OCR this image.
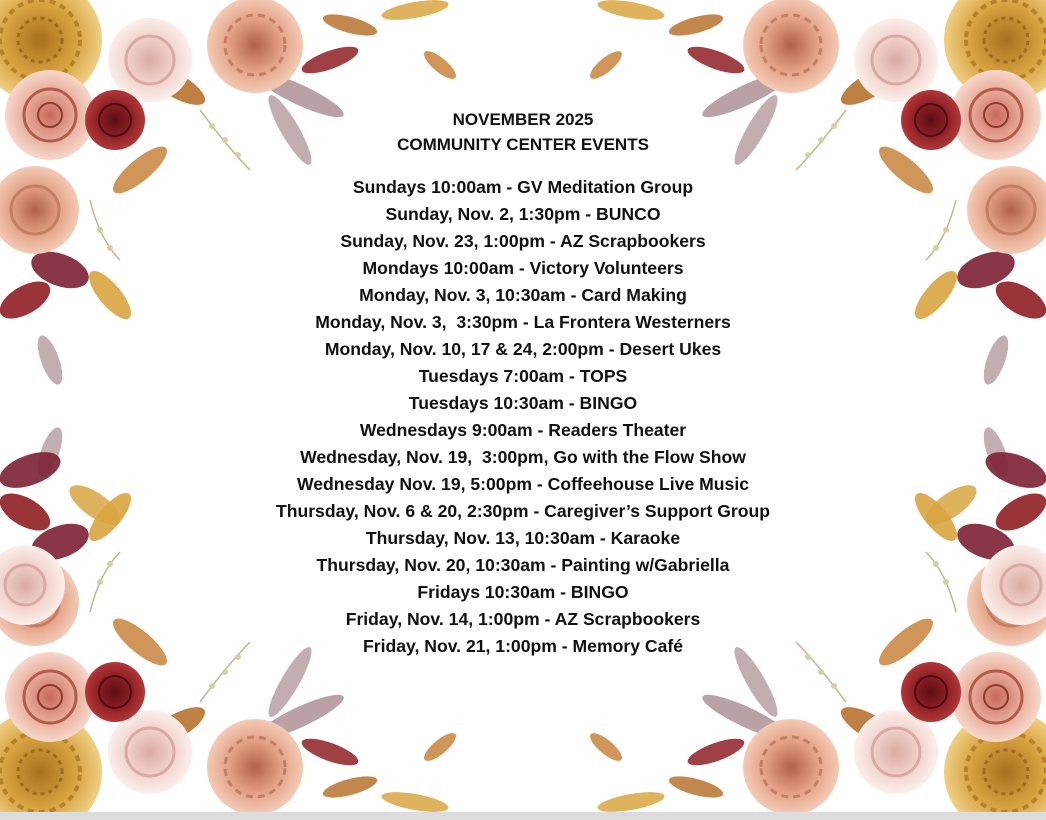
NOVEMBER 2025
COMMUNITY CENTER EVENTS
Sundays 10:00am - GV Meditation Group
Sunday, Nov. 2, 1:30pm - BUNCO
Sunday, Nov. 23, 1:00pm - AZ Scrapbookers
Mondays 10:00am - Victory Volunteers
Monday, Nov. 3, 10:30am - Card Making
Monday, Nov. 3,  3:30pm - La Frontera Westerners
Monday, Nov. 10, 17 & 24, 2:00pm - Desert Ukes
Tuesdays 7:00am - TOPS
Tuesdays 10:30am - BINGO
Wednesdays 9:00am - Readers Theater
Wednesday, Nov. 19,  3:00pm, Go with the Flow Show
Wednesday Nov. 19, 5:00pm - Coffeehouse Live Music
Thursday, Nov. 6 & 20, 2:30pm - Caregiver’s Support Group
Thursday, Nov. 13, 10:30am - Karaoke
Thursday, Nov. 20, 10:30am - Painting w/Gabriella
Fridays 10:30am - BINGO
Friday, Nov. 14, 1:00pm - AZ Scrapbookers
Friday, Nov. 21, 1:00pm - Memory Café
